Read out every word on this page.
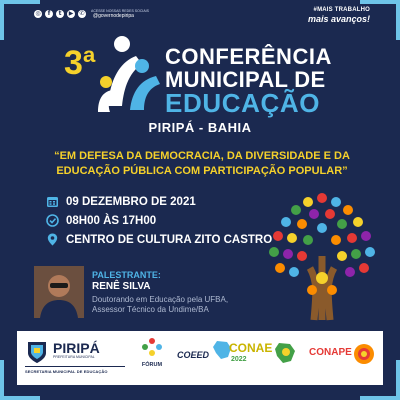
◎	f	t	▶ ✆	ACESSE NOSSAS REDES SOCIAIS
@governodepiripa
#MAIS TRABALHO
mais avanços!
3ª	CONFERÊNCIA
MUNICIPAL DE
EDUCAÇÃO
PIRIPÁ - BAHIA
“EM DEFESA DA DEMOCRACIA, DA DIVERSIDADE E DA EDUCAÇÃO PÚBLICA COM PARTICIPAÇÃO POPULAR”
09 DEZEMBRO DE 2021
08H00 ÀS 17H00
CENTRO DE CULTURA ZITO CASTRO
PALESTRANTE:
RENÊ SILVA
Doutorando em Educação pela UFBA,
Assessor Técnico da Undime/BA
PIRIPÁ
PREFEITURA MUNICIPAL
SECRETARIA MUNICIPAL DE EDUCAÇÃO
FÓRUM
COEED	CONAE
2022
CONAPE
